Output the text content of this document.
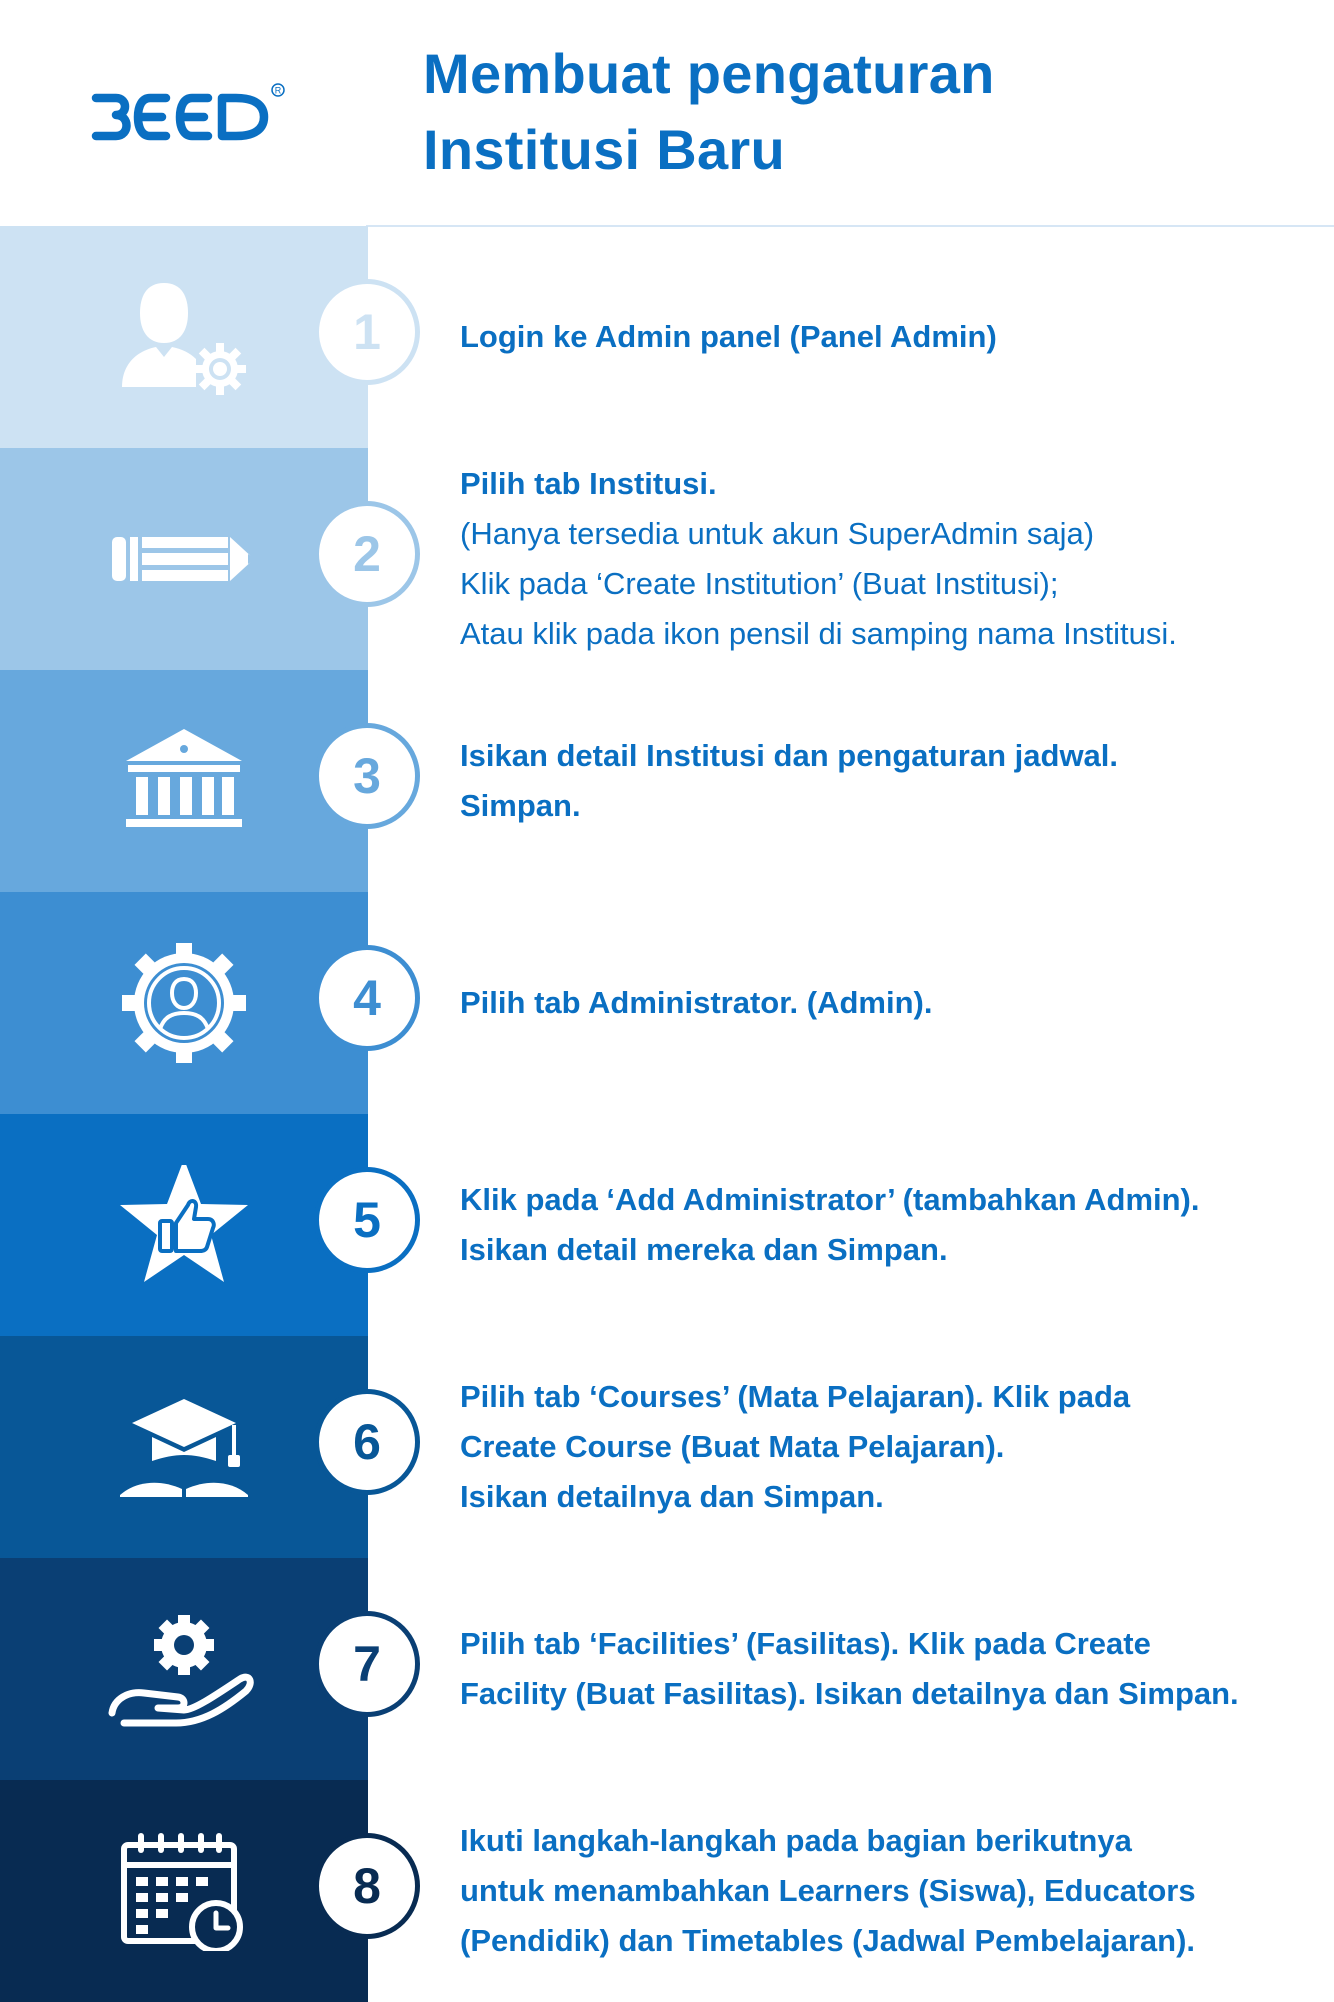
R	Membuat pengaturan
Institusi Baru
1	Login ke Admin panel (Panel Admin)
2
Pilih tab Institusi.
(Hanya tersedia untuk akun SuperAdmin saja)
Klik pada ‘Create Institution’ (Buat Institusi);
Atau klik pada ikon pensil di samping nama Institusi.
3	Isikan detail Institusi dan pengaturan jadwal.
Simpan.
4	Pilih tab Administrator. (Admin).
5	Klik pada ‘Add Administrator’ (tambahkan Admin).
Isikan detail mereka dan Simpan.
6
Pilih tab ‘Courses’ (Mata Pelajaran). Klik pada
Create Course (Buat Mata Pelajaran).
Isikan detailnya dan Simpan.
7	Pilih tab ‘Facilities’ (Fasilitas). Klik pada Create
Facility (Buat Fasilitas). Isikan detailnya dan Simpan.
8
Ikuti langkah-langkah pada bagian berikutnya
untuk menambahkan Learners (Siswa), Educators
(Pendidik) dan Timetables (Jadwal Pembelajaran).
